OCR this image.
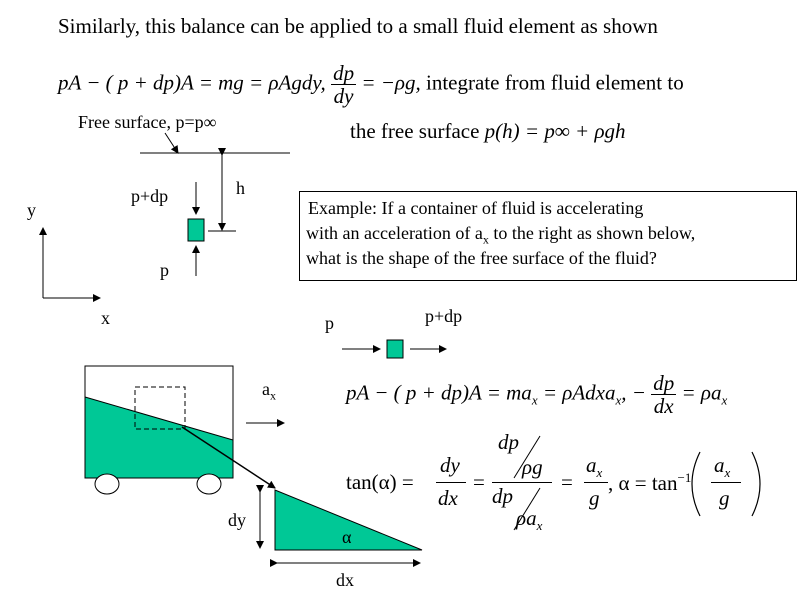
Similarly, this balance can be applied to a small fluid element as shown
pA − ( p + dp)A = mg = ρAgdy, $\frac{dp}{dy} = -\rho g$, integrate from fluid element to
Free surface, p=p∞	the free surface p(h) = p∞ + ρgh
p+dp
p
h
y
x
Example: If a container of fluid is accelerating
with an acceleration of $a_x$ to the right as shown below,
what is the shape of the free surface of the fluid?
p	p+dp
$a_x$
dy
dx
α
pA − ( $p + dp)A = ma_x$ = ρAdxa$_x$, − $\frac{dp}{dx} = \rho a_x$
tan(α) =
dy
dx
=
dp
ρg
dp
$\rho a_x$
=
$a_x$
g
, $\alpha = \tan^{-1}$
$a_x$
g
